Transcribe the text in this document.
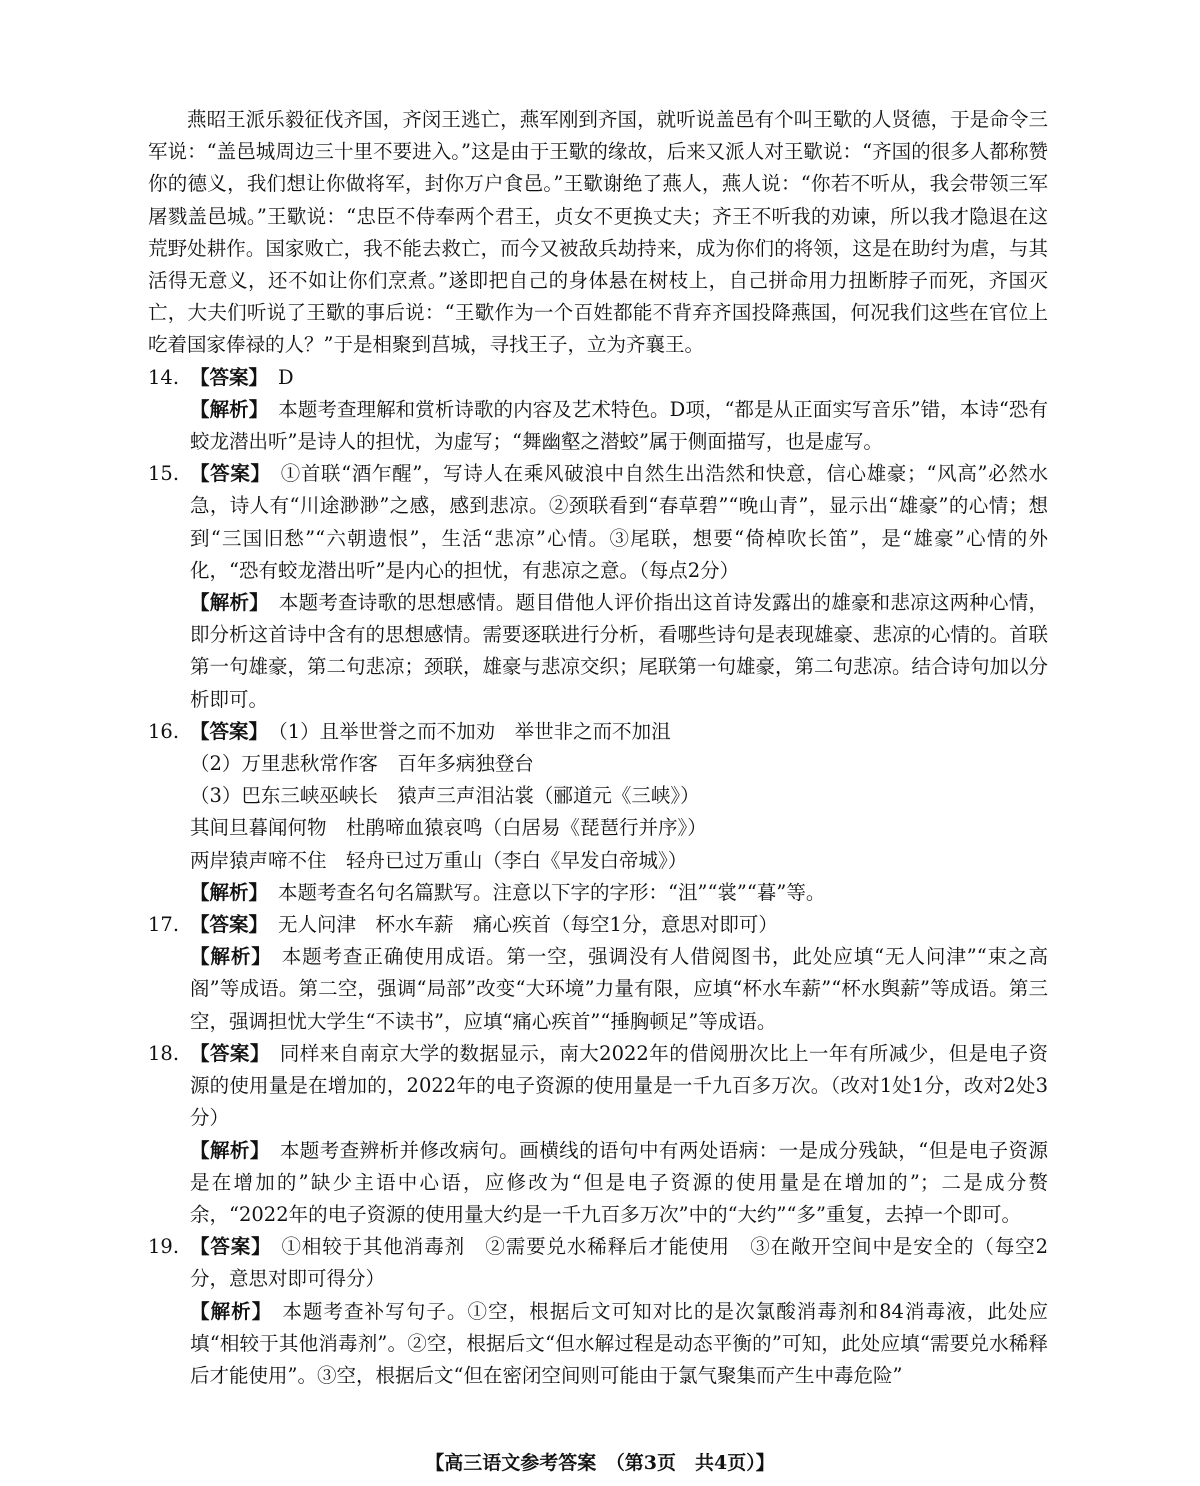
燕昭王派乐毅征伐齐国，齐闵王逃亡，燕军刚到齐国，就听说盖邑有个叫王歜的人贤德，于是命令三军说：“盖邑城周边三十里不要进入。”这是由于王歜的缘故，后来又派人对王歜说：“齐国的很多人都称赞你的德义，我们想让你做将军，封你万户食邑。”王歜谢绝了燕人，燕人说：“你若不听从，我会带领三军屠戮盖邑城。”王歜说：“忠臣不侍奉两个君王，贞女不更换丈夫；齐王不听我的劝谏，所以我才隐退在这荒野处耕作。国家败亡，我不能去救亡，而今又被敌兵劫持来，成为你们的将领，这是在助纣为虐，与其活得无意义，还不如让你们烹煮。”遂即把自己的身体悬在树枝上，自己拼命用力扭断脖子而死，齐国灭亡，大夫们听说了王歜的事后说：“王歜作为一个百姓都能不背弃齐国投降燕国，何况我们这些在官位上吃着国家俸禄的人？”于是相聚到莒城，寻找王子，立为齐襄王。

14. 【答案】 D
【解析】 本题考查理解和赏析诗歌的内容及艺术特色。D项，“都是从正面实写音乐”错，本诗“恐有蛟龙潜出听”是诗人的担忧，为虚写；“舞幽壑之潜蛟”属于侧面描写，也是虚写。
15. 【答案】 ①首联“酒乍醒”，写诗人在乘风破浪中自然生出浩然和快意，信心雄豪；“风高”必然水急，诗人有“川途渺渺”之感，感到悲凉。②颈联看到“春草碧”“晚山青”，显示出“雄豪”的心情；想到“三国旧愁”“六朝遗恨”，生活“悲凉”心情。③尾联，想要“倚棹吹长笛”，是“雄豪”心情的外化，“恐有蛟龙潜出听”是内心的担忧，有悲凉之意。（每点2分）
【解析】 本题考查诗歌的思想感情。题目借他人评价指出这首诗发露出的雄豪和悲凉这两种心情，即分析这首诗中含有的思想感情。需要逐联进行分析，看哪些诗句是表现雄豪、悲凉的心情的。首联第一句雄豪，第二句悲凉；颈联，雄豪与悲凉交织；尾联第一句雄豪，第二句悲凉。结合诗句加以分析即可。
16. 【答案】 （1）且举世誉之而不加劝　举世非之而不加沮
（2）万里悲秋常作客　百年多病独登台
（3）巴东三峡巫峡长　猿声三声泪沾裳（郦道元《三峡》）
其间旦暮闻何物　杜鹃啼血猿哀鸣（白居易《琵琶行并序》）
两岸猿声啼不住　轻舟已过万重山（李白《早发白帝城》）
【解析】 本题考查名句名篇默写。注意以下字的字形：“沮”“裳”“暮”等。
17. 【答案】 无人问津　杯水车薪　痛心疾首（每空1分，意思对即可）
【解析】 本题考查正确使用成语。第一空，强调没有人借阅图书，此处应填“无人问津”“束之高阁”等成语。第二空，强调“局部”改变“大环境”力量有限，应填“杯水车薪”“杯水舆薪”等成语。第三空，强调担忧大学生“不读书”，应填“痛心疾首”“捶胸顿足”等成语。
18. 【答案】 同样来自南京大学的数据显示，南大2022年的借阅册次比上一年有所减少，但是电子资源的使用量是在增加的，2022年的电子资源的使用量是一千九百多万次。（改对1处1分，改对2处3分）
【解析】 本题考查辨析并修改病句。画横线的语句中有两处语病：一是成分残缺，“但是电子资源是在增加的”缺少主语中心语，应修改为“但是电子资源的使用量是在增加的”；二是成分赘余，“2022年的电子资源的使用量大约是一千九百多万次”中的“大约”“多”重复，去掉一个即可。
19. 【答案】 ①相较于其他消毒剂　②需要兑水稀释后才能使用　③在敞开空间中是安全的（每空2分，意思对即可得分）
【解析】 本题考查补写句子。①空，根据后文可知对比的是次氯酸消毒剂和84消毒液，此处应填“相较于其他消毒剂”。②空，根据后文“但水解过程是动态平衡的”可知，此处应填“需要兑水稀释后才能使用”。③空，根据后文“但在密闭空间则可能由于氯气聚集而产生中毒危险”
【高三语文参考答案　（第3页　共4页）】
